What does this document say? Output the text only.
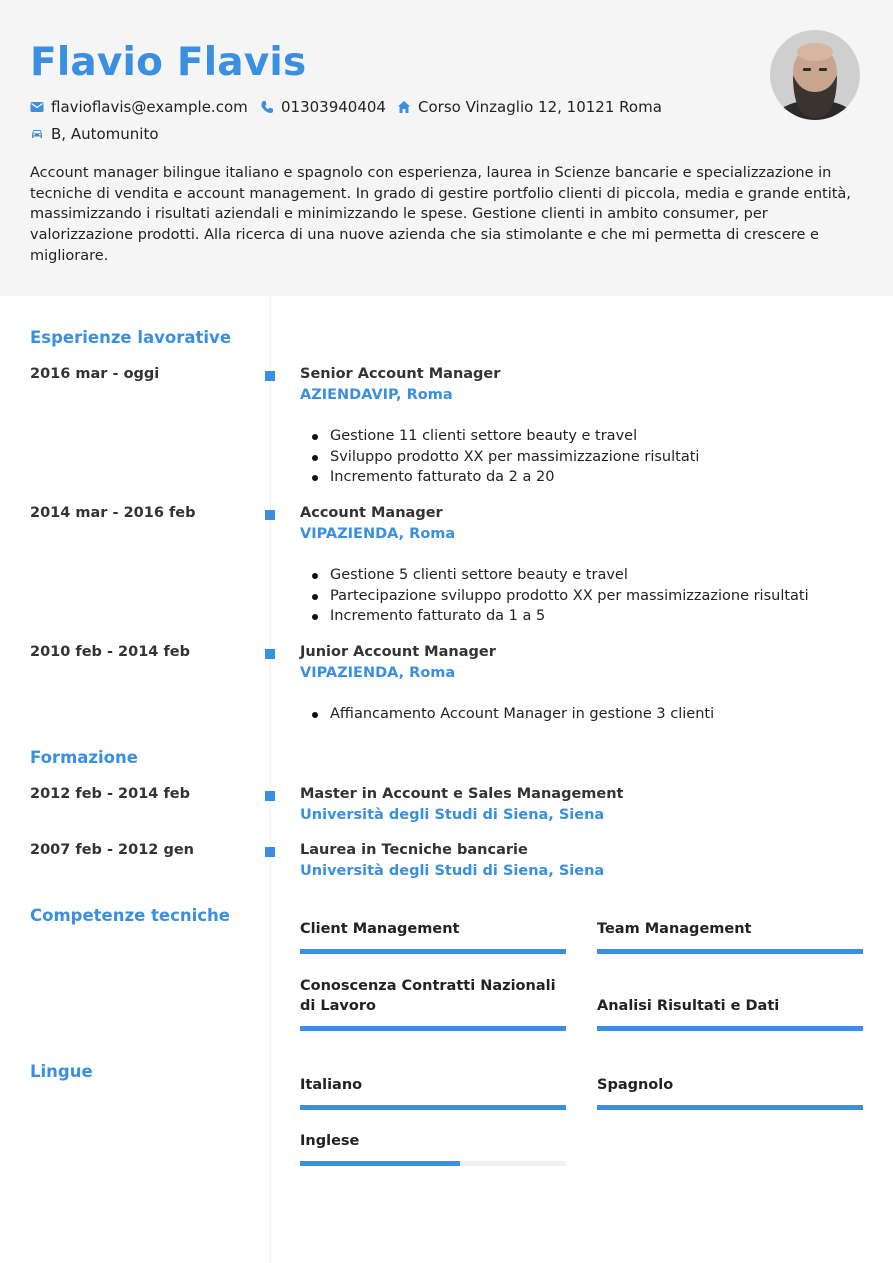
Flavio Flavis
flavioflavis@example.com 01303940404 Corso Vinzaglio 12, 10121 Roma
B, Automunito

Account manager bilingue italiano e spagnolo con esperienza, laurea in Scienze bancarie e specializzazione in tecniche di vendita e account management. In grado di gestire portfolio clienti di piccola, media e grande entità, massimizzando i risultati aziendali e minimizzando le spese. Gestione clienti in ambito consumer, per valorizzazione prodotti. Alla ricerca di una nuove azienda che sia stimolante e che mi permetta di crescere e migliorare.

Esperienze lavorative
2016 mar - oggi	Senior Account Manager
AZIENDAVIP, Roma
Gestione 11 clienti settore beauty e travel
Sviluppo prodotto XX per massimizzazione risultati
Incremento fatturato da 2 a 20
2014 mar - 2016 feb	Account Manager
VIPAZIENDA, Roma
Gestione 5 clienti settore beauty e travel
Partecipazione sviluppo prodotto XX per massimizzazione risultati
Incremento fatturato da 1 a 5
2010 feb - 2014 feb	Junior Account Manager
VIPAZIENDA, Roma
Affiancamento Account Manager in gestione 3 clienti
Formazione
2012 feb - 2014 feb	Master in Account e Sales Management
Università degli Studi di Siena, Siena
2007 feb - 2012 gen	Laurea in Tecniche bancarie
Università degli Studi di Siena, Siena
Competenze tecniche
Client Management	Team Management
Conoscenza Contratti Nazionali di Lavoro	Analisi Risultati e Dati
Lingue
Italiano	Spagnolo
Inglese
